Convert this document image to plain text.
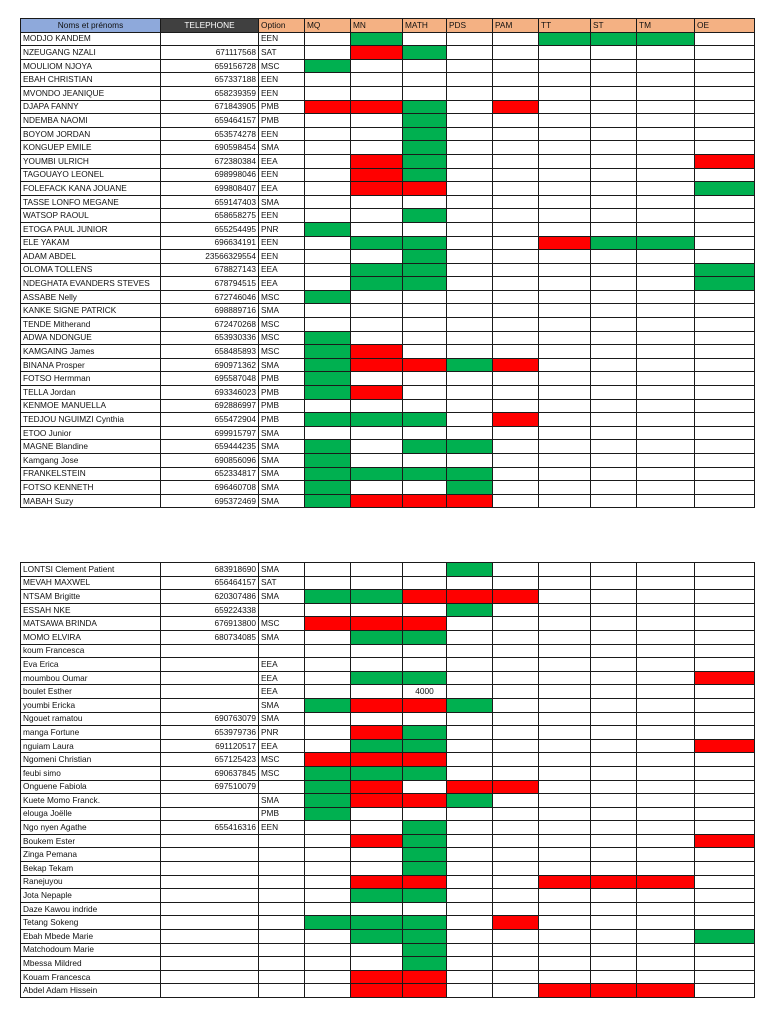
Noms et prénoms	TELEPHONE	Option	MQ	MN	MATH	PDS	PAM	TT	ST	TM	OE
MODJO KANDEM		EEN									
NZEUGANG NZALI	671117568	SAT									
MOULIOM NJOYA	659156728	MSC									
EBAH CHRISTIAN	657337188	EEN									
MVONDO JEANIQUE	658239359	EEN									
DJAPA FANNY	671843905	PMB									
NDEMBA NAOMI	659464157	PMB									
BOYOM JORDAN	653574278	EEN									
KONGUEP EMILE	690598454	SMA									
YOUMBI ULRICH	672380384	EEA									
TAGOUAYO LEONEL	698998046	EEN									
FOLEFACK KANA JOUANE	699808407	EEA									
TASSE LONFO MEGANE	659147403	SMA									
WATSOP RAOUL	658658275	EEN									
ETOGA PAUL JUNIOR	655254495	PNR									
ELE YAKAM	696634191	EEN									
ADAM ABDEL	23566329554	EEN									
OLOMA TOLLENS	678827143	EEA									
NDEGHATA EVANDERS STEVES	678794515	EEA									
ASSABE Nelly	672746046	MSC									
KANKE SIGNE PATRICK	698889716	SMA									
TENDE Mitherand	672470268	MSC									
ADWA NDONGUE	653930336	MSC									
KAMGAING James	658485893	MSC									
BINANA Prosper	690971362	SMA									
FOTSO Hermman	695587048	PMB									
TELLA Jordan	693346023	PMB									
KENMOE MANUELLA	692886997	PMB									
TEDJOU NGUIMZI Cynthia	655472904	PMB									
ETOO Junior	699915797	SMA									
MAGNE Blandine	659444235	SMA									
Kamgang Jose	690856096	SMA									
FRANKELSTEIN	652334817	SMA									
FOTSO KENNETH	696460708	SMA									
MABAH Suzy	695372469	SMA									
LONTSI Clement Patient	683918690	SMA									
MEVAH MAXWEL	656464157	SAT									
NTSAM Brigitte	620307486	SMA									
ESSAH NKE	659224338										
MATSAWA BRINDA	676913800	MSC									
MOMO ELVIRA	680734085	SMA									
koum Francesca											
Eva Erica		EEA									
moumbou Oumar		EEA									
boulet Esther		EEA			4000						
youmbi Ericka		SMA									
Ngouet ramatou	690763079	SMA									
manga Fortune	653979736	PNR									
nguiam Laura	691120517	EEA									
Ngomeni Christian	657125423	MSC									
feubi simo	690637845	MSC									
Onguene Fabiola	697510079										
Kuete Momo Franck.		SMA									
elouga Joëlle		PMB									
Ngo nyen Agathe	655416316	EEN									
Boukem Ester											
Zinga Pemana											
Bekap Tekam											
Ranejuyou											
Jota Nepaple											
Daze Kawou indride											
Tetang Sokeng											
Ebah Mbede Marie											
Matchodoum Marie											
Mbessa Mildred											
Kouam Francesca											
Abdel Adam Hissein											
